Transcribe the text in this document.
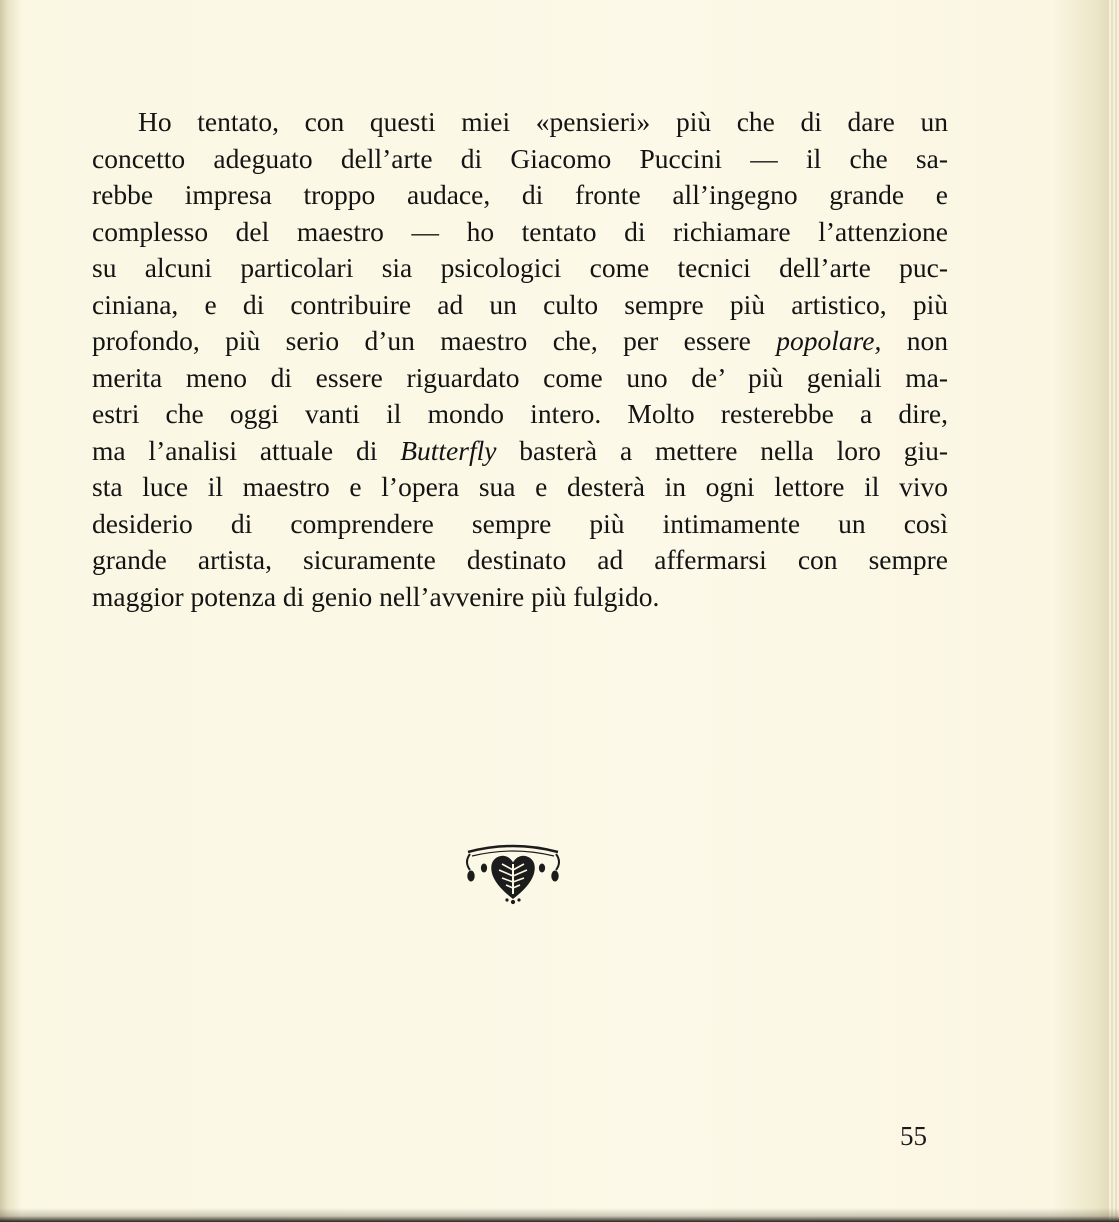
Ho tentato, con questi miei «pensieri» più che di dare un
concetto adeguato dell’arte di Giacomo Puccini — il che sa-
rebbe impresa troppo audace, di fronte all’ingegno grande e
complesso del maestro — ho tentato di richiamare l’attenzione
su alcuni particolari sia psicologici come tecnici dell’arte puc-
ciniana, e di contribuire ad un culto sempre più artistico, più
profondo, più serio d’un maestro che, per essere popolare, non
merita meno di essere riguardato come uno de’ più geniali ma-
estri che oggi vanti il mondo intero. Molto resterebbe a dire,
ma l’analisi attuale di Butterfly basterà a mettere nella loro giu-
sta luce il maestro e l’opera sua e desterà in ogni lettore il vivo
desiderio di comprendere sempre più intimamente un così
grande artista, sicuramente destinato ad affermarsi con sempre
maggior potenza di genio nell’avvenire più fulgido.
55
